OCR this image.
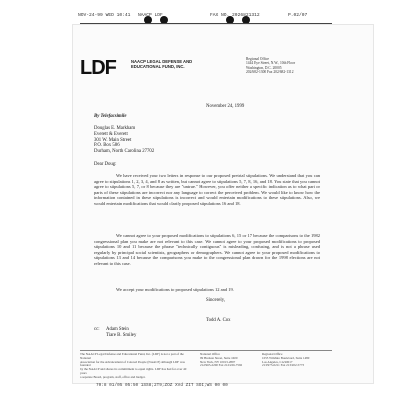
NOV-24-99 WED 10:41 NAACP LDF	FAX NO. 2026821312	P.02/07
LDF	NAACP LEGAL DEFENSE AND
EDUCATIONAL FUND, INC.
Regional Office
1444 Eye Street, N.W., 10th Floor
Washington, D.C. 20005
202/682-1300 Fax 202/682-1312
November 24, 1999
By Telefacsimile
Douglas E. Markham
Everett & Everett
301 W. Main Street
P.O. Box 586
Durham, North Carolina 27702
Dear Doug:
We have received your two letters in response to our proposed pretrial stipulations. We understand that you can agree to stipulations 1, 2, 3, 4, and 8 as written, but cannot agree to stipulations 5, 7, 8, 16, and 18. You state that you cannot agree to stipulations 5, 7, or 8 because they are "untrue." However, you offer neither a specific indication as to what part or parts of these stipulations are incorrect nor any language to correct the perceived problem. We would like to know how the information contained in these stipulations is incorrect and would entertain modifications to these stipulations. Also, we would entertain modifications that would clarify proposed stipulations 16 and 18.
We cannot agree to your proposed modifications to stipulations 6, 15 or 17 because the comparisons to the 1982 congressional plan you make are not relevant to this case. We cannot agree to your proposed modifications to proposed stipulations 10 and 11 because the phrase "technically contiguous" is misleading, confusing, and is not a phrase used regularly by principal social scientists, geographers or demographers. We cannot agree to your proposed modifications to stipulations 13 and 14 because the comparisons you make to the congressional plan drawn for the 1998 elections are not relevant to this case.
We accept your modifications to proposed stipulations 12 and 19.
Sincerely,
Todd A. Cox
cc: Adam Stein
Tiare B. Smiley
The NAACP Legal Defense and Educational Fund, Inc. (LDF) is not a part of the National
Association for the Advancement of Colored People (NAACP) although LDF was founded
by the NAACP and shares its commitment to equal rights. LDF has had for over 40 years
a separate Board, program, staff, office and budget.
National Office
99 Hudson Street, Suite 1600
New York, NY 10013-2897
212/965-2200 Fax 212/226-7592
Regional Office
1055 Wilshire Boulevard, Suite 1480
Los Angeles, CA 90017
213/975-0211 Fax 213/202-5773
70:8 01/05 05:50 1SS8;2T9;ZOZ XVd ZIT SOI;WS 00 00
